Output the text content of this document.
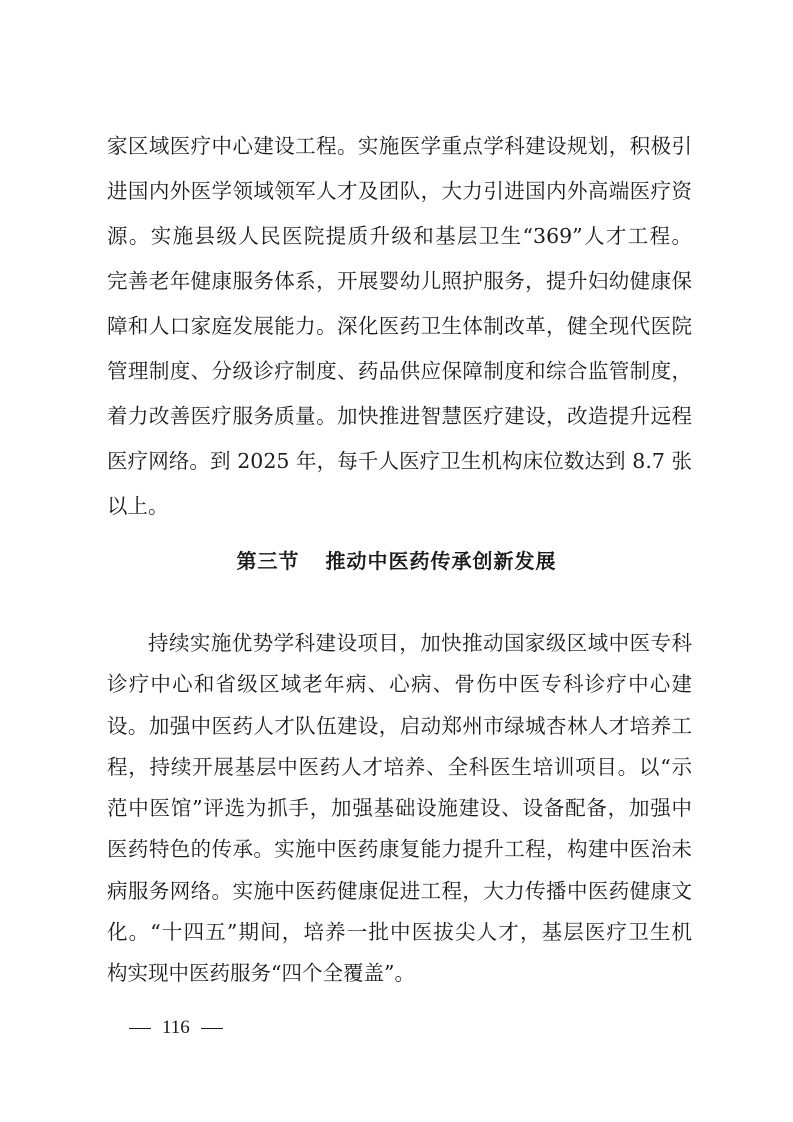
家区域医疗中心建设工程。实施医学重点学科建设规划，积极引
进国内外医学领域领军人才及团队，大力引进国内外高端医疗资
源。实施县级人民医院提质升级和基层卫生“369”人才工程。
完善老年健康服务体系，开展婴幼儿照护服务，提升妇幼健康保
障和人口家庭发展能力。深化医药卫生体制改革，健全现代医院
管理制度、分级诊疗制度、药品供应保障制度和综合监管制度，
着力改善医疗服务质量。加快推进智慧医疗建设，改造提升远程
医疗网络。到 2025 年，每千人医疗卫生机构床位数达到 8.7 张
以上。
第三节 推动中医药传承创新发展
持续实施优势学科建设项目，加快推动国家级区域中医专科
诊疗中心和省级区域老年病、心病、骨伤中医专科诊疗中心建
设。加强中医药人才队伍建设，启动郑州市绿城杏林人才培养工
程，持续开展基层中医药人才培养、全科医生培训项目。以“示
范中医馆”评选为抓手，加强基础设施建设、设备配备，加强中
医药特色的传承。实施中医药康复能力提升工程，构建中医治未
病服务网络。实施中医药健康促进工程，大力传播中医药健康文
化。“十四五”期间，培养一批中医拔尖人才，基层医疗卫生机
构实现中医药服务“四个全覆盖”。
116
